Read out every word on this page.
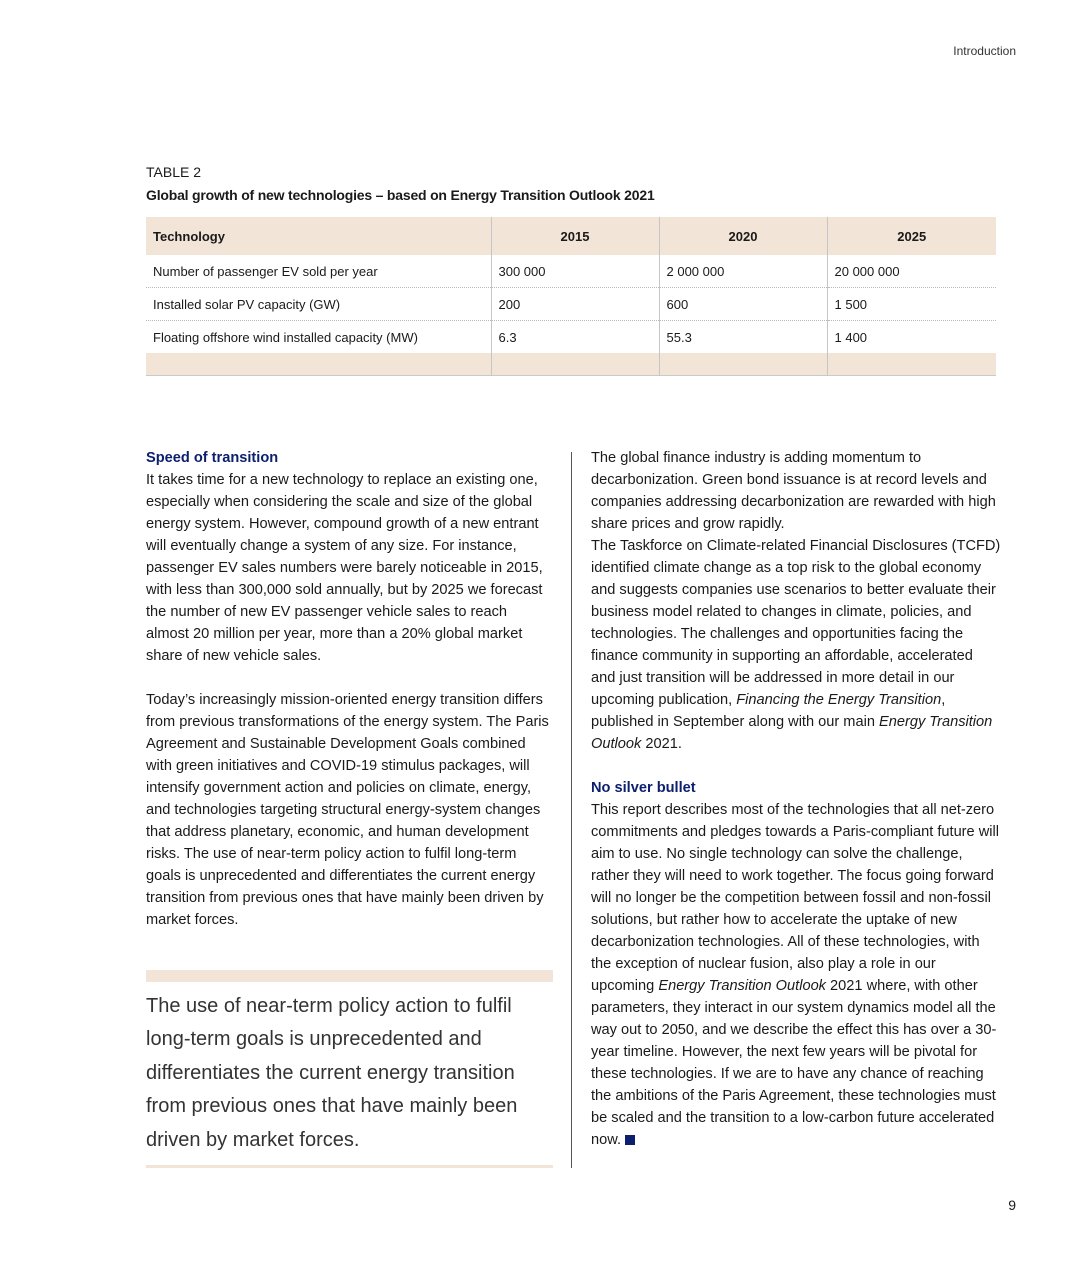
Introduction
TABLE 2
Global growth of new technologies – based on Energy Transition Outlook 2021
Technology	2015	2020	2025
Number of passenger EV sold per year	300 000	2 000 000	20 000 000
Installed solar PV capacity (GW)	200	600	1 500
Floating offshore wind installed capacity (MW)	6.3	55.3	1 400

Speed of transition

It takes time for a new technology to replace an existing one, especially when considering the scale and size of the global energy system. However, compound growth of a new entrant will eventually change a system of any size. For instance, passenger EV sales numbers were barely noticeable in 2015, with less than 300,000 sold annually, but by 2025 we forecast the number of new EV passenger vehicle sales to reach almost 20 million per year, more than a 20% global market share of new vehicle sales.

Today’s increasingly mission-oriented energy transition differs from previous transformations of the energy system. The Paris Agreement and Sustainable Development Goals combined with green initiatives and COVID-19 stimulus packages, will intensify government action and policies on climate, energy, and technologies targeting structural energy-system changes that address planetary, economic, and human development risks. The use of near-term policy action to fulfil long-term goals is unprecedented and differentiates the current energy transition from previous ones that have mainly been driven by market forces.

The use of near-term policy action to fulfil long-term goals is unprecedented and differentiates the current energy transition from previous ones that have mainly been driven by market forces.

The global finance industry is adding momentum to decarbonization. Green bond issuance is at record levels and companies addressing decarbonization are rewarded with high share prices and grow rapidly.

The Taskforce on Climate-related Financial Disclosures (TCFD) identified climate change as a top risk to the global economy and suggests companies use scenarios to better evaluate their business model related to changes in climate, policies, and technologies. The challenges and opportunities facing the finance community in supporting an affordable, accelerated and just transition will be addressed in more detail in our upcoming publication, Financing the Energy Transition, published in September along with our main Energy Transition Outlook 2021.

No silver bullet

This report describes most of the technologies that all net-zero commitments and pledges towards a Paris-compliant future will aim to use. No single technology can solve the challenge, rather they will need to work together. The focus going forward will no longer be the competition between fossil and non-fossil solutions, but rather how to accelerate the uptake of new decarbonization technologies. All of these technologies, with the exception of nuclear fusion, also play a role in our upcoming Energy Transition Outlook 2021 where, with other parameters, they interact in our system dynamics model all the way out to 2050, and we describe the effect this has over a 30-year timeline. However, the next few years will be pivotal for these technologies. If we are to have any chance of reaching the ambitions of the Paris Agreement, these technologies must be scaled and the transition to a low-carbon future accelerated now.

9
